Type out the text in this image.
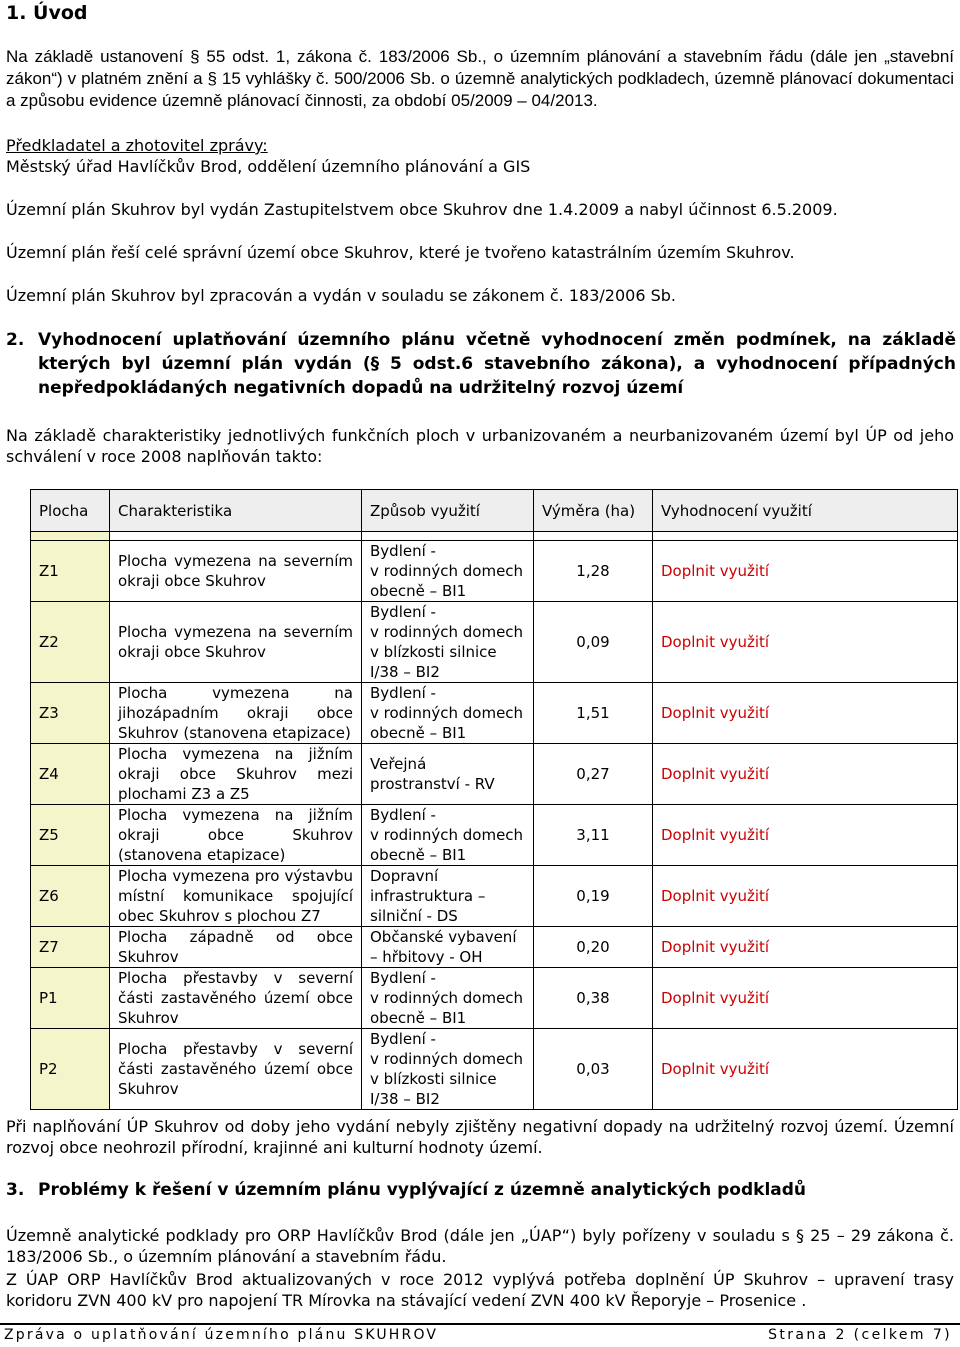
1. Úvod
Na základě ustanovení § 55 odst. 1, zákona č. 183/2006 Sb., o územním plánování a stavebním řádu (dále jen „stavební zákon“) v platném znění a § 15 vyhlášky č. 500/2006 Sb. o územně analytických podkladech, územně plánovací dokumentaci a způsobu evidence územně plánovací činnosti, za období 05/2009 – 04/2013.
Předkladatel a zhotovitel zprávy:
Městský úřad Havlíčkův Brod, oddělení územního plánování a GIS
Územní plán Skuhrov byl vydán Zastupitelstvem obce Skuhrov dne 1.4.2009 a nabyl účinnost 6.5.2009.
Územní plán řeší celé správní území obce Skuhrov, které je tvořeno katastrálním územím Skuhrov.
Územní plán Skuhrov byl zpracován a vydán v souladu se zákonem č. 183/2006 Sb.
2. Vyhodnocení uplatňování územního plánu včetně vyhodnocení změn podmínek, na základě kterých byl územní plán vydán (§ 5 odst.6 stavebního zákona), a vyhodnocení případných nepředpokládaných negativních dopadů na udržitelný rozvoj území
Na základě charakteristiky jednotlivých funkčních ploch v urbanizovaném a neurbanizovaném území byl ÚP od jeho schválení v roce 2008 naplňován takto:
Plocha	Charakteristika	Způsob využití	Výměra (ha)	Vyhodnocení využití

Z1	Plocha vymezena na severním okraji obce Skuhrov	Bydlení -
v rodinných domech obecně – BI1	1,28	Doplnit využití
Z2	Plocha vymezena na severním okraji obce Skuhrov	Bydlení -
v rodinných domech v blízkosti silnice I/38 – BI2	0,09	Doplnit využití
Z3	Plocha vymezena na jihozápadním okraji obce Skuhrov (stanovena etapizace)	Bydlení -
v rodinných domech obecně – BI1	1,51	Doplnit využití
Z4	Plocha vymezena na jižním okraji obce Skuhrov mezi plochami Z3 a Z5	Veřejná
prostranství - RV	0,27	Doplnit využití
Z5	Plocha vymezena na jižním okraji obce Skuhrov (stanovena etapizace)	Bydlení -
v rodinných domech obecně – BI1	3,11	Doplnit využití
Z6	Plocha vymezena pro výstavbu místní komunikace spojující obec Skuhrov s plochou Z7	Dopravní
infrastruktura – silniční - DS	0,19	Doplnit využití
Z7	Plocha západně od obce Skuhrov	Občanské vybavení – hřbitovy - OH	0,20	Doplnit využití
P1	Plocha přestavby v severní části zastavěného území obce Skuhrov	Bydlení -
v rodinných domech obecně – BI1	0,38	Doplnit využití
P2	Plocha přestavby v severní části zastavěného území obce Skuhrov	Bydlení -
v rodinných domech v blízkosti silnice I/38 – BI2	0,03	Doplnit využití
Při naplňování ÚP Skuhrov od doby jeho vydání nebyly zjištěny negativní dopady na udržitelný rozvoj území. Územní rozvoj obce neohrozil přírodní, krajinné ani kulturní hodnoty území.
3. Problémy k řešení v územním plánu vyplývající z územně analytických podkladů
Územně analytické podklady pro ORP Havlíčkův Brod (dále jen „ÚAP“) byly pořízeny v souladu s § 25 – 29 zákona č. 183/2006 Sb., o územním plánování a stavebním řádu.
Z ÚAP ORP Havlíčkův Brod aktualizovaných v roce 2012 vyplývá potřeba doplnění ÚP Skuhrov – upravení trasy koridoru ZVN 400 kV pro napojení TR Mírovka na stávající vedení ZVN 400 kV Řeporyje – Prosenice .
Zpráva o uplatňování územního plánu SKUHROV	Strana 2 (celkem 7)
